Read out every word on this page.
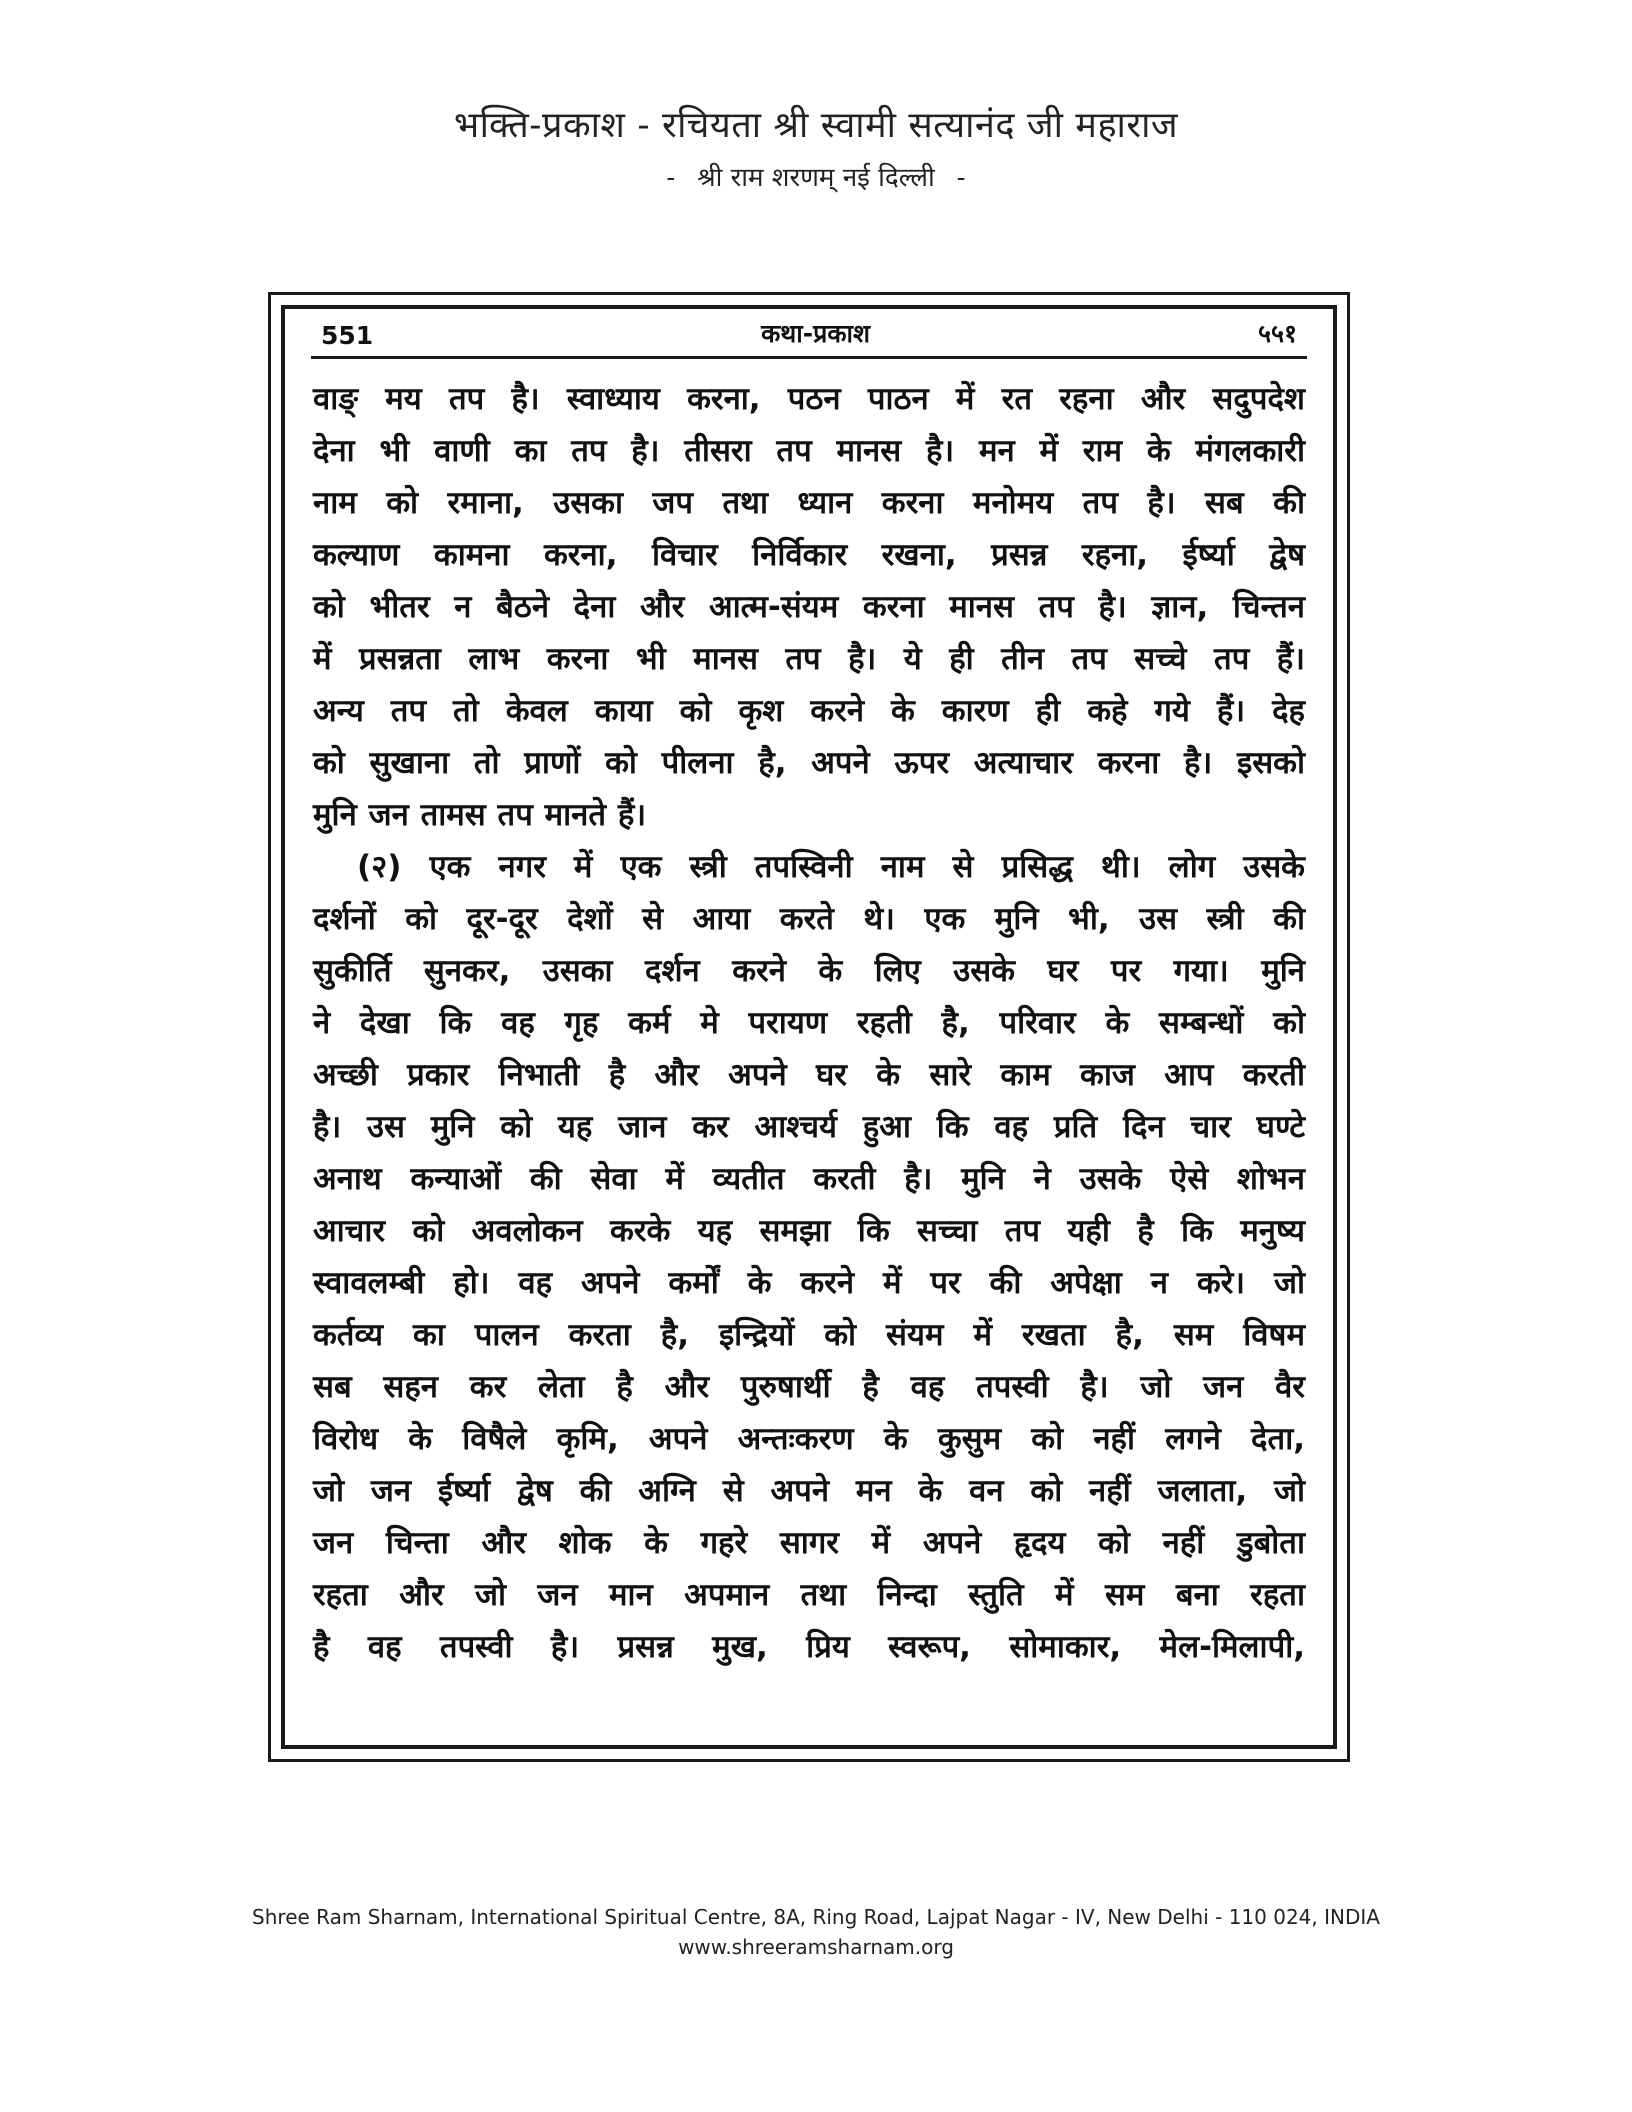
भक्ति-प्रकाश - रचियता श्री स्वामी सत्यानंद जी महाराज
- श्री राम शरणम् नई दिल्ली -
551	कथा-प्रकाश	५५१

वाङ् मय तप है। स्वाध्याय करना, पठन पाठन में रत रहना और सदुपदेश

देना भी वाणी का तप है। तीसरा तप मानस है। मन में राम के मंगलकारी

नाम को रमाना, उसका जप तथा ध्यान करना मनोमय तप है। सब की

कल्याण कामना करना, विचार निर्विकार रखना, प्रसन्न रहना, ईर्ष्या द्वेष

को भीतर न बैठने देना और आत्म-संयम करना मानस तप है। ज्ञान, चिन्तन

में प्रसन्नता लाभ करना भी मानस तप है। ये ही तीन तप सच्चे तप हैं।

अन्य तप तो केवल काया को कृश करने के कारण ही कहे गये हैं। देह

को सुखाना तो प्राणों को पीलना है, अपने ऊपर अत्याचार करना है। इसको

मुनि जन तामस तप मानते हैं।

(२) एक नगर में एक स्त्री तपस्विनी नाम से प्रसिद्ध थी। लोग उसके

दर्शनों को दूर-दूर देशों से आया करते थे। एक मुनि भी, उस स्त्री की

सुकीर्ति सुनकर, उसका दर्शन करने के लिए उसके घर पर गया। मुनि

ने देखा कि वह गृह कर्म मे परायण रहती है, परिवार के सम्बन्धों को

अच्छी प्रकार निभाती है और अपने घर के सारे काम काज आप करती

है। उस मुनि को यह जान कर आश्चर्य हुआ कि वह प्रति दिन चार घण्टे

अनाथ कन्याओं की सेवा में व्यतीत करती है। मुनि ने उसके ऐसे शोभन

आचार को अवलोकन करके यह समझा कि सच्चा तप यही है कि मनुष्य

स्वावलम्बी हो। वह अपने कर्मों के करने में पर की अपेक्षा न करे। जो

कर्तव्य का पालन करता है, इन्द्रियों को संयम में रखता है, सम विषम

सब सहन कर लेता है और पुरुषार्थी है वह तपस्वी है। जो जन वैर

विरोध के विषैले कृमि, अपने अन्तःकरण के कुसुम को नहीं लगने देता,

जो जन ईर्ष्या द्वेष की अग्नि से अपने मन के वन को नहीं जलाता, जो

जन चिन्ता और शोक के गहरे सागर में अपने हृदय को नहीं डुबोता

रहता और जो जन मान अपमान तथा निन्दा स्तुति में सम बना रहता

है वह तपस्वी है। प्रसन्न मुख, प्रिय स्वरूप, सोमाकार, मेल-मिलापी,

Shree Ram Sharnam, International Spiritual Centre, 8A, Ring Road, Lajpat Nagar - IV, New Delhi - 110 024, INDIA
www.shreeramsharnam.org
